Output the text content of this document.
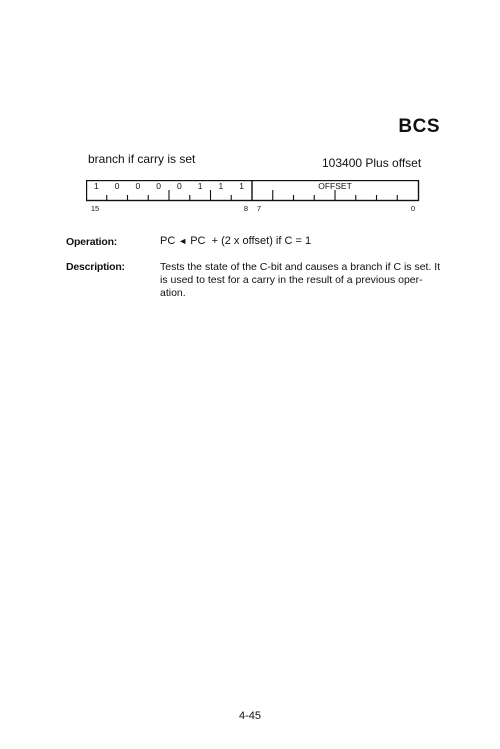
BCS
branch if carry is set	103400 Plus offset
1 0 0 0 0 1 1 1	OFFSET
15	8 7	0
Operation:	PC ◄ PC + (2 x offset) if C = 1
Description:	Tests the state of the C-bit and causes a branch if C is set. It
is used to test for a carry in the result of a previous oper-
ation.
4-45
